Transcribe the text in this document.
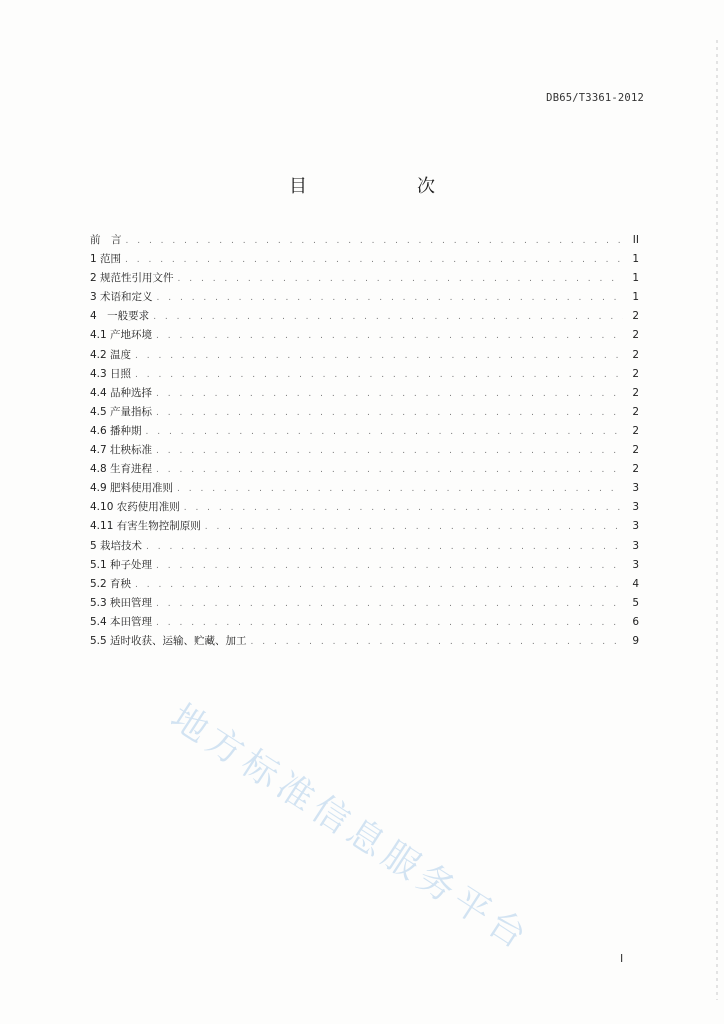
DB65/T3361-2012
目　次
前　言 . . .	II
1 范围 . . .	1
2 规范性引用文件 . . .	1
3 术语和定义 . . .	1
4　一般要求 . . .	2
4.1 产地环境 . . .	2
4.2 温度 . . .	2
4.3 日照 . . .	2
4.4 品种选择 . . .	2
4.5 产量指标 . . .	2
4.6 播种期 . . .	2
4.7 壮秧标准 . . .	2
4.8 生育进程 . . .	2
4.9 肥料使用准则 . . .	3
4.10 农药使用准则 . . .	3
4.11 有害生物控制原则 . . .	3
5 栽培技术 . . .	3
5.1 种子处理 . . .	3
5.2 育秧 . . .	4
5.3 秧田管理 . . .	5
5.4 本田管理 . . .	6
5.5 适时收获、运输、贮藏、加工 . . .	9
地方标准信息服务平台	I
